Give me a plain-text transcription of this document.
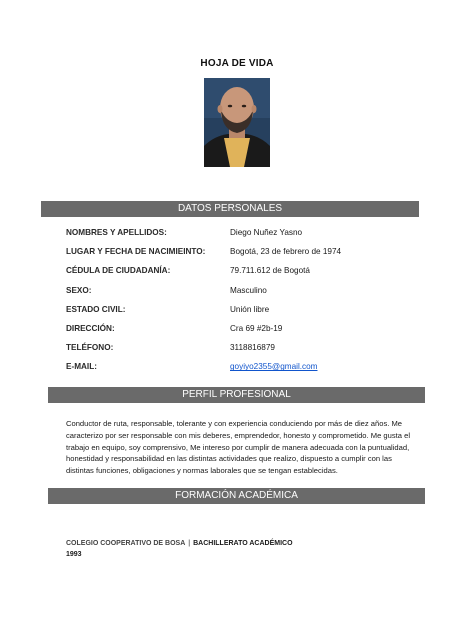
HOJA DE VIDA
DATOS PERSONALES
NOMBRES Y APELLIDOS:	Diego Nuñez Yasno
LUGAR Y FECHA DE NACIMIEINTO:	Bogotá, 23 de febrero de 1974
CÉDULA DE CIUDADANÍA:	79.711.612 de Bogotá
SEXO:	Masculino
ESTADO CIVIL:	Unión libre
DIRECCIÓN:	Cra 69 #2b-19
TELÉFONO:	3118816879
E-MAIL:	goyiyo2355@gmail.com
PERFIL PROFESIONAL
Conductor de ruta, responsable, tolerante y con experiencia conduciendo por más de diez años. Me caracterizo por ser responsable con mis deberes, emprendedor, honesto y comprometido. Me gusta el trabajo en equipo, soy comprensivo, Me intereso por cumplir de manera adecuada con la puntualidad, honestidad y responsabilidad en las distintas actividades que realizo, dispuesto a cumplir con las distintas funciones, obligaciones y normas laborales que se tengan establecidas.
FORMACIÓN ACADÉMICA
COLEGIO COOPERATIVO DE BOSA | BACHILLERATO ACADÉMICO
1993
